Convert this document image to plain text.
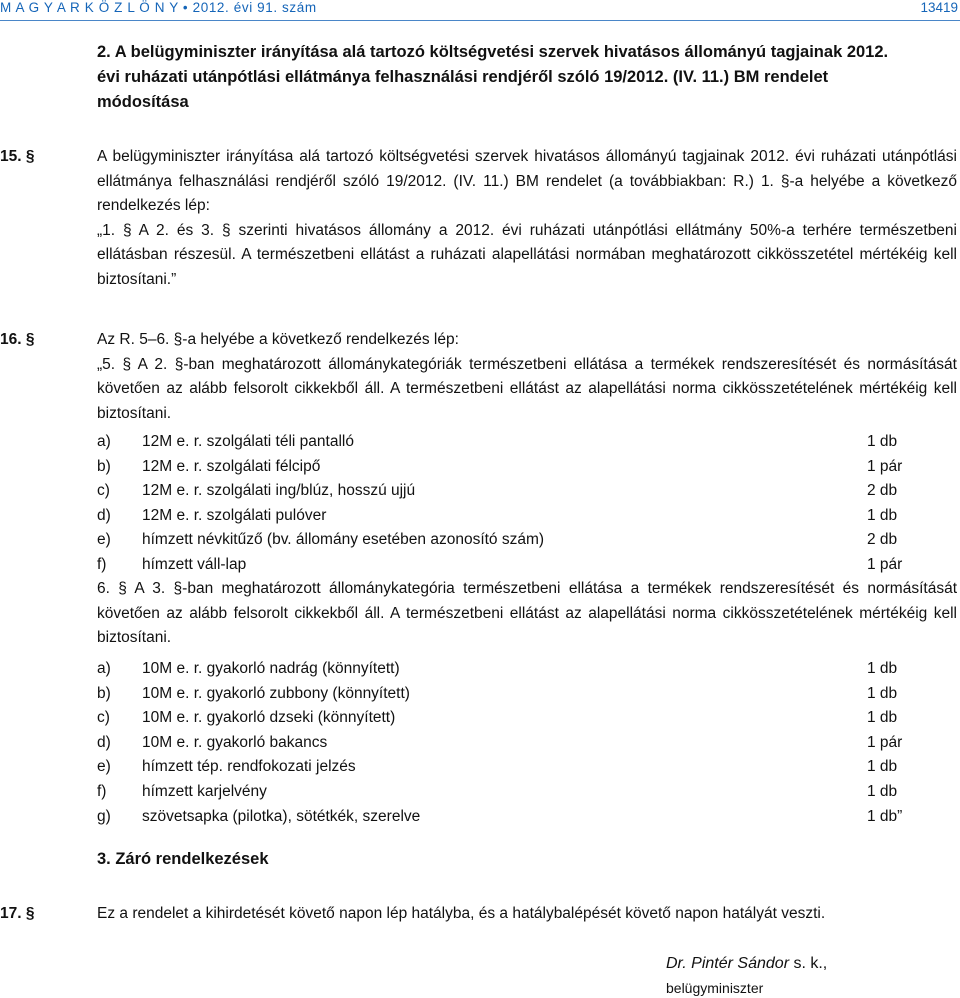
M A G Y A R K Ö Z L Ö N Y • 2012. évi 91. szám	13419
2. A belügyminiszter irányítása alá tartozó költségvetési szervek hivatásos állományú tagjainak 2012. évi ruházati utánpótlási ellátmánya felhasználási rendjéről szóló 19/2012. (IV. 11.) BM rendelet módosítása
15. §	A belügyminiszter irányítása alá tartozó költségvetési szervek hivatásos állományú tagjainak 2012. évi ruházati utánpótlási ellátmánya felhasználási rendjéről szóló 19/2012. (IV. 11.) BM rendelet (a továbbiakban: R.) 1. §-a helyébe a következő rendelkezés lép:
„1. § A 2. és 3. § szerinti hivatásos állomány a 2012. évi ruházati utánpótlási ellátmány 50%-a terhére természetbeni ellátásban részesül. A természetbeni ellátást a ruházati alapellátási normában meghatározott cikkösszetétel mértékéig kell biztosítani.”
16. §	Az R. 5–6. §-a helyébe a következő rendelkezés lép:
„5. § A 2. §-ban meghatározott állománykategóriák természetbeni ellátása a termékek rendszeresítését és normásítását követően az alább felsorolt cikkekből áll. A természetbeni ellátást az alapellátási norma cikkösszetételének mértékéig kell biztosítani.
a) 12M e. r. szolgálati téli pantalló	1 db
b) 12M e. r. szolgálati félcipő	1 pár
c) 12M e. r. szolgálati ing/blúz, hosszú ujjú	2 db
d) 12M e. r. szolgálati pulóver	1 db
e) hímzett névkitűző (bv. állomány esetében azonosító szám)	2 db
f) hímzett váll-lap	1 pár
6. § A 3. §-ban meghatározott állománykategória természetbeni ellátása a termékek rendszeresítését és normásítását követően az alább felsorolt cikkekből áll. A természetbeni ellátást az alapellátási norma cikkösszetételének mértékéig kell biztosítani.
a) 10M e. r. gyakorló nadrág (könnyített)	1 db
b) 10M e. r. gyakorló zubbony (könnyített)	1 db
c) 10M e. r. gyakorló dzseki (könnyített)	1 db
d) 10M e. r. gyakorló bakancs	1 pár
e) hímzett tép. rendfokozati jelzés	1 db
f) hímzett karjelvény	1 db
g) szövetsapka (pilotka), sötétkék, szerelve	1 db”
3. Záró rendelkezések
17. §	Ez a rendelet a kihirdetését követő napon lép hatályba, és a hatálybalépését követő napon hatályát veszti.
Dr. Pintér Sándor s. k.,
belügyminiszter
